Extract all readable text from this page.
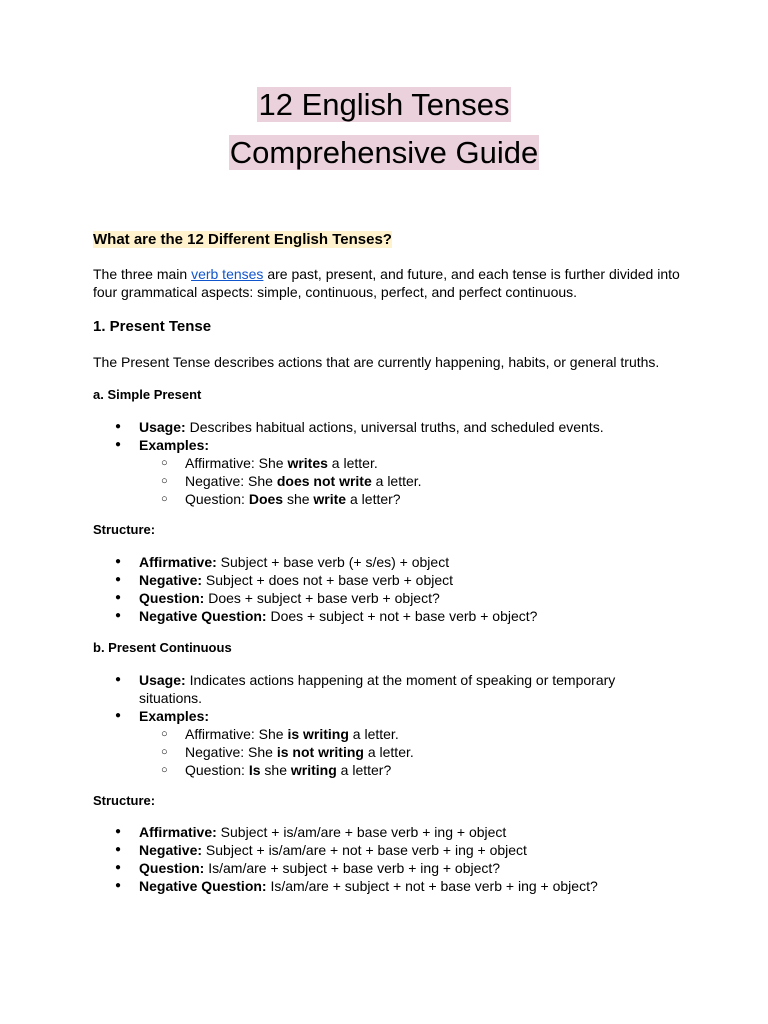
12 English Tenses
Comprehensive Guide
What are the 12 Different English Tenses?
The three main verb tenses are past, present, and future, and each tense is further divided into four grammatical aspects: simple, continuous, perfect, and perfect continuous.
1. Present Tense
The Present Tense describes actions that are currently happening, habits, or general truths.
a. Simple Present
● Usage: Describes habitual actions, universal truths, and scheduled events.
● Examples:
○ Affirmative: She writes a letter.
○ Negative: She does not write a letter.
○ Question: Does she write a letter?
Structure:
● Affirmative: Subject + base verb (+ s/es) + object
● Negative: Subject + does not + base verb + object
● Question: Does + subject + base verb + object?
● Negative Question: Does + subject + not + base verb + object?
b. Present Continuous
● Usage: Indicates actions happening at the moment of speaking or temporary situations.
● Examples:
○ Affirmative: She is writing a letter.
○ Negative: She is not writing a letter.
○ Question: Is she writing a letter?
Structure:
● Affirmative: Subject + is/am/are + base verb + ing + object
● Negative: Subject + is/am/are + not + base verb + ing + object
● Question: Is/am/are + subject + base verb + ing + object?
● Negative Question: Is/am/are + subject + not + base verb + ing + object?
